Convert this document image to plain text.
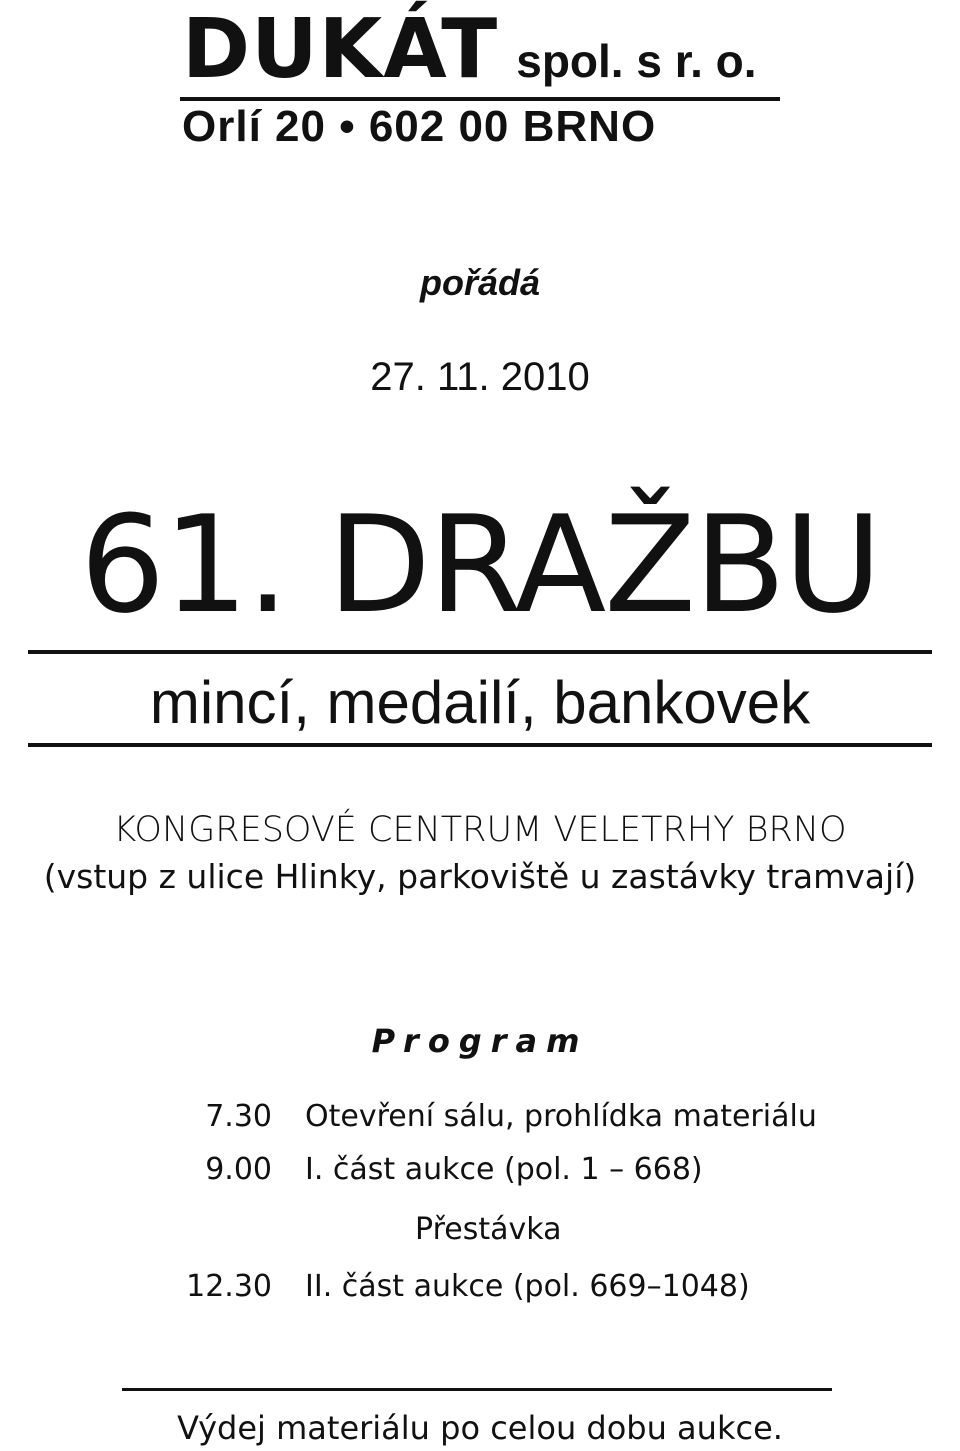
DUKÁT spol. s r. o.
Orlí 20 • 602 00 BRNO
pořádá
27. 11. 2010
61. DRAŽBU
mincí, medailí, bankovek
KONGRESOVÉ CENTRUM VELETRHY BRNO
(vstup z ulice Hlinky, parkoviště u zastávky tramvají)
Program
7.30 Otevření sálu, prohlídka materiálu
9.00 I. část aukce (pol. 1 – 668)
Přestávka
12.30 II. část aukce (pol. 669–1048)
Výdej materiálu po celou dobu aukce.
